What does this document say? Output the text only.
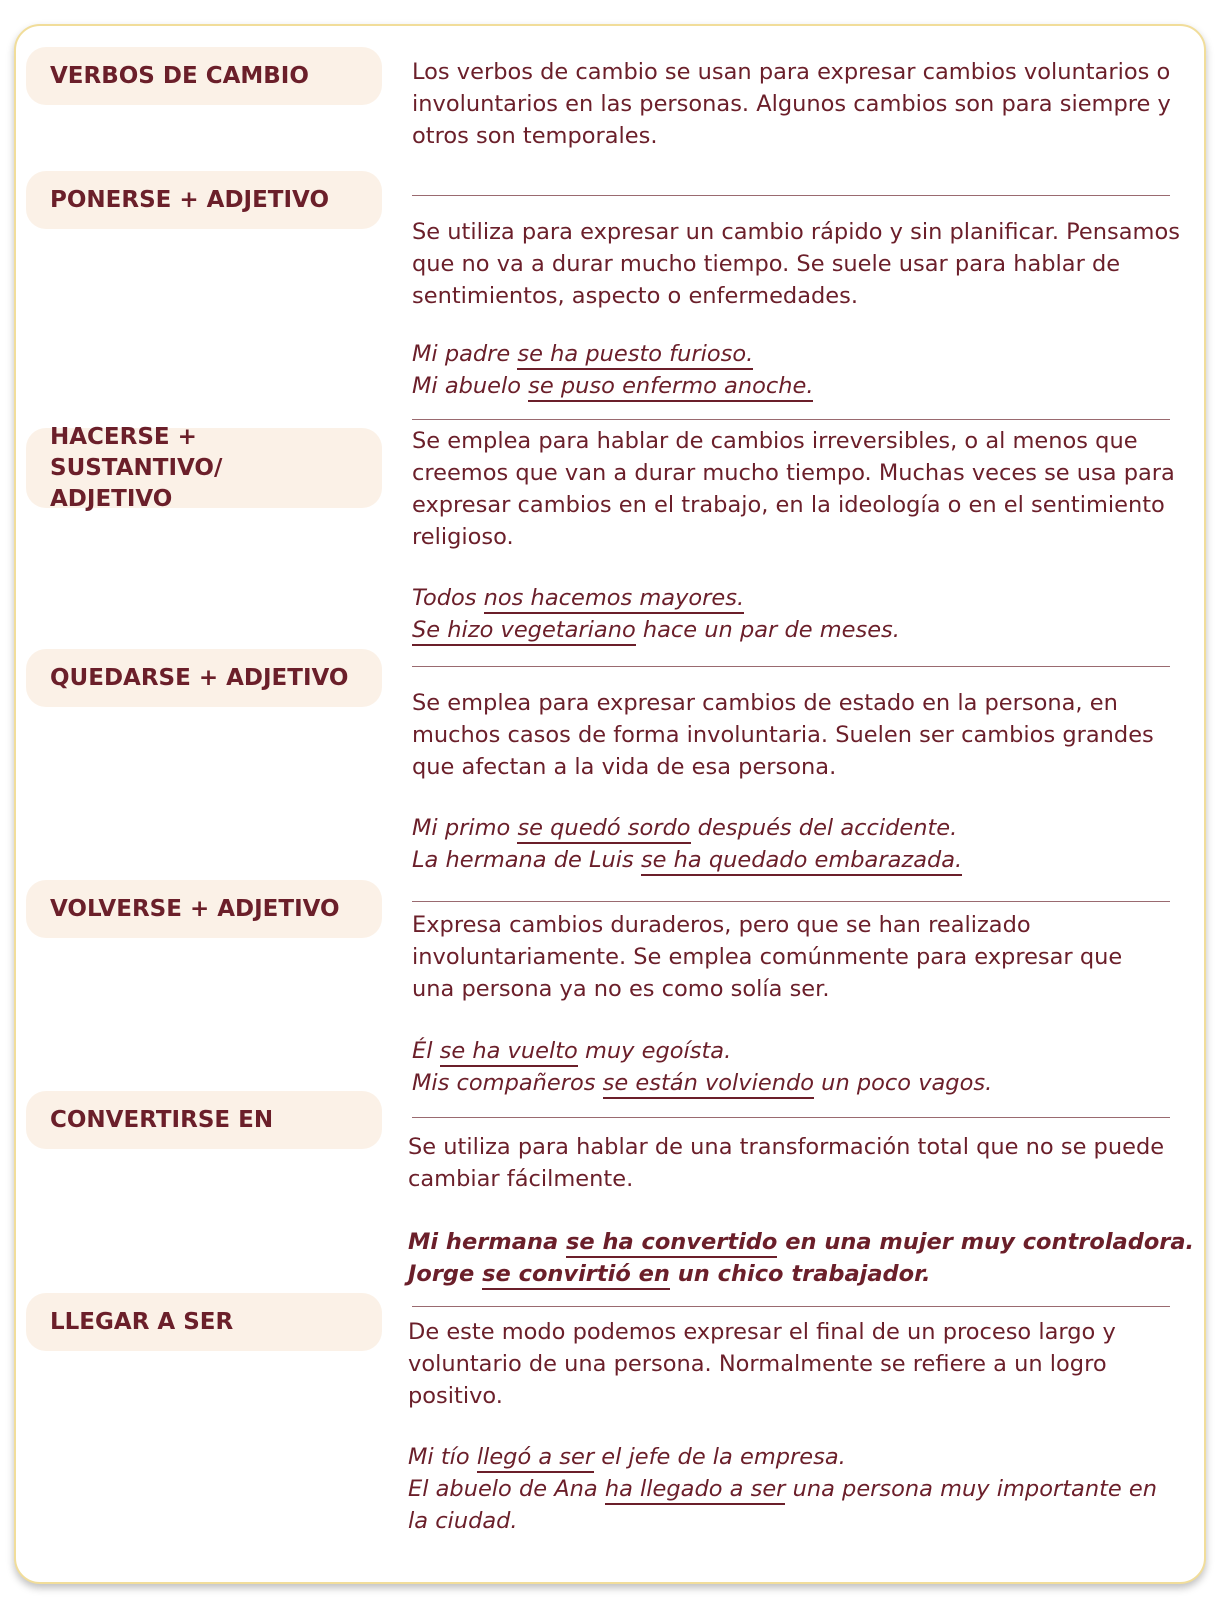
VERBOS DE CAMBIO	Los verbos de cambio se usan para expresar cambios voluntarios o
involuntarios en las personas. Algunos cambios son para siempre y
otros son temporales.
PONERSE + ADJETIVO
Se utiliza para expresar un cambio rápido y sin planificar. Pensamos
que no va a durar mucho tiempo. Se suele usar para hablar de
sentimientos, aspecto o enfermedades.
Mi padre se ha puesto furioso.
Mi abuelo se puso enfermo anoche.
HACERSE + SUSTANTIVO/
ADJETIVO
Se emplea para hablar de cambios irreversibles, o al menos que
creemos que van a durar mucho tiempo. Muchas veces se usa para
expresar cambios en el trabajo, en la ideología o en el sentimiento
religioso.
Todos nos hacemos mayores.
Se hizo vegetariano hace un par de meses.
QUEDARSE + ADJETIVO
Se emplea para expresar cambios de estado en la persona, en
muchos casos de forma involuntaria. Suelen ser cambios grandes
que afectan a la vida de esa persona.
Mi primo se quedó sordo después del accidente.
La hermana de Luis se ha quedado embarazada.
VOLVERSE + ADJETIVO
Expresa cambios duraderos, pero que se han realizado
involuntariamente. Se emplea comúnmente para expresar que
una persona ya no es como solía ser.
Él se ha vuelto muy egoísta.
Mis compañeros se están volviendo un poco vagos.
CONVERTIRSE EN
Se utiliza para hablar de una transformación total que no se puede
cambiar fácilmente.
Mi hermana se ha convertido en una mujer muy controladora.
Jorge se convirtió en un chico trabajador.
LLEGAR A SER	De este modo podemos expresar el final de un proceso largo y
voluntario de una persona. Normalmente se refiere a un logro
positivo.
Mi tío llegó a ser el jefe de la empresa.
El abuelo de Ana ha llegado a ser una persona muy importante en
la ciudad.
